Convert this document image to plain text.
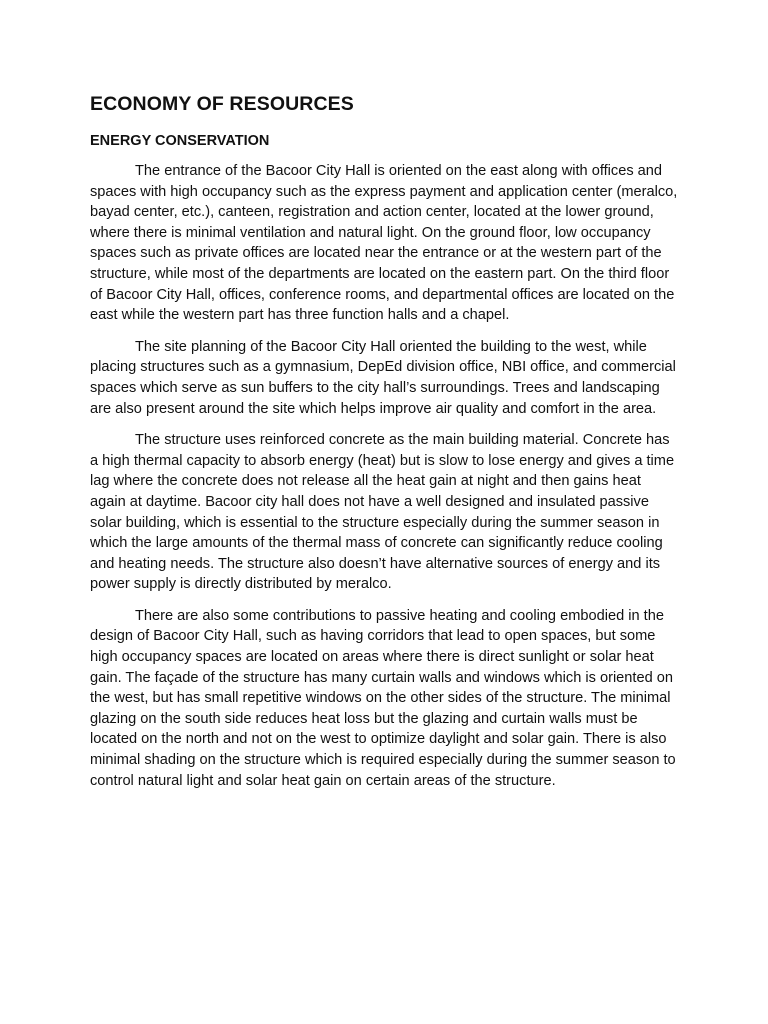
ECONOMY OF RESOURCES
ENERGY CONSERVATION

The entrance of the Bacoor City Hall is oriented on the east along with offices and spaces with high occupancy such as the express payment and application center (meralco, bayad center, etc.), canteen, registration and action center, located at the lower ground, where there is minimal ventilation and natural light. On the ground floor, low occupancy spaces such as private offices are located near the entrance or at the western part of the structure, while most of the departments are located on the eastern part. On the third floor of Bacoor City Hall, offices, conference rooms, and departmental offices are located on the east while the western part has three function halls and a chapel.

The site planning of the Bacoor City Hall oriented the building to the west, while placing structures such as a gymnasium, DepEd division office, NBI office, and commercial spaces which serve as sun buffers to the city hall’s surroundings. Trees and landscaping are also present around the site which helps improve air quality and comfort in the area.

The structure uses reinforced concrete as the main building material. Concrete has a high thermal capacity to absorb energy (heat) but is slow to lose energy and gives a time lag where the concrete does not release all the heat gain at night and then gains heat again at daytime. Bacoor city hall does not have a well designed and insulated passive solar building, which is essential to the structure especially during the summer season in which the large amounts of the thermal mass of concrete can significantly reduce cooling and heating needs. The structure also doesn’t have alternative sources of energy and its power supply is directly distributed by meralco.

There are also some contributions to passive heating and cooling embodied in the design of Bacoor City Hall, such as having corridors that lead to open spaces, but some high occupancy spaces are located on areas where there is direct sunlight or solar heat gain. The façade of the structure has many curtain walls and windows which is oriented on the west, but has small repetitive windows on the other sides of the structure. The minimal glazing on the south side reduces heat loss but the glazing and curtain walls must be located on the north and not on the west to optimize daylight and solar gain. There is also minimal shading on the structure which is required especially during the summer season to control natural light and solar heat gain on certain areas of the structure.
